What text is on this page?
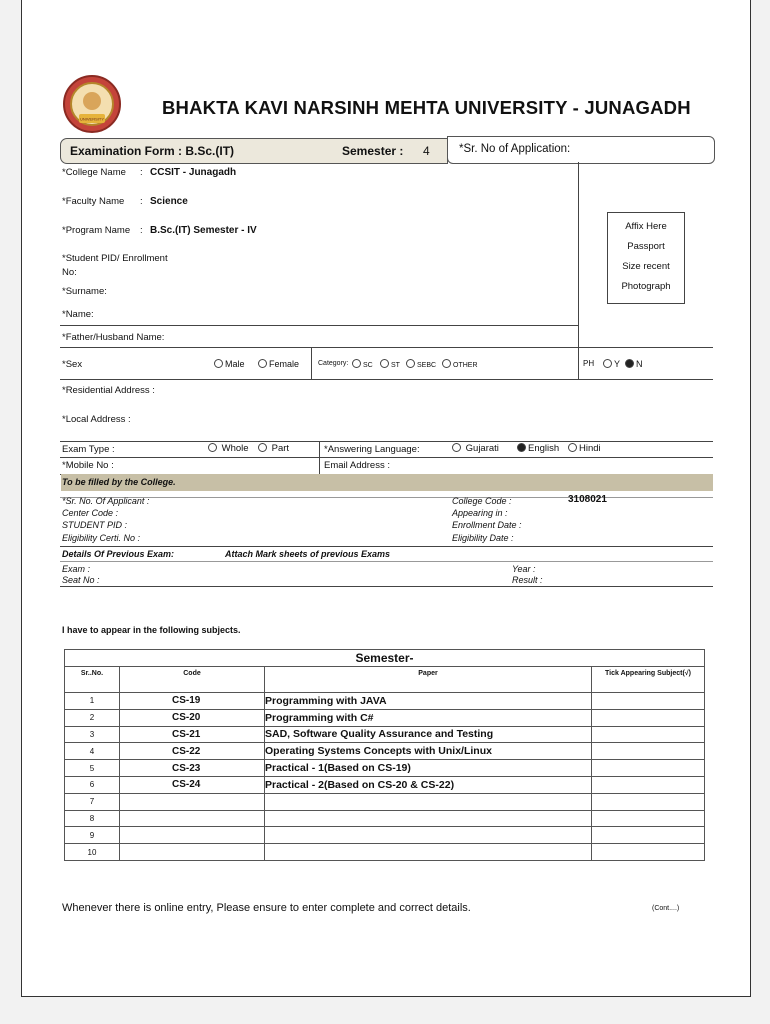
UNIVERSITY
BHAKTA KAVI NARSINH MEHTA UNIVERSITY - JUNAGADH
Examination Form : B.Sc.(IT)	Semester : 4	*Sr. No of Application:
*College Name : CCSIT - Junagadh
*Faculty Name : Science
*Program Name : B.Sc.(IT) Semester - IV
*Student PID/ Enrollment
No:
*Surname:
*Name:
*Father/Husband Name:
Affix Here
Passport
Size recent
Photograph
*Sex	Male	Female	Category:	SC	ST	SEBC	OTHER	PH	Y	N
*Residential Address :
*Local Address :
Exam Type :	Whole	Part	*Answering Language:	Gujarati	English	Hindi
*Mobile No :	Email Address :
To be filled by the College.
*Sr. No. Of Applicant :	College Code :	3108021
Center Code :	Appearing in :
STUDENT PID :	Enrollment Date :
Eligibility Certi. No :	Eligibility Date :
Details Of Previous Exam:	Attach Mark sheets of previous Exams
Exam :	Year :
Seat No :	Result :
I have to appear in the following subjects.
Semester-			
Sr..No.	Code	Paper	Tick Appearing Subject(√)
1	CS-19	Programming with JAVA	
2	CS-20	Programming with C#	
3	CS-21	SAD, Software Quality Assurance and Testing	
4	CS-22	Operating Systems Concepts with Unix/Linux	
5	CS-23	Practical - 1(Based on CS-19)	
6	CS-24	Practical - 2(Based on CS-20 & CS-22)	
7			
8			
9			
10			
Whenever there is online entry, Please ensure to enter complete and correct details.	(Cont....)
